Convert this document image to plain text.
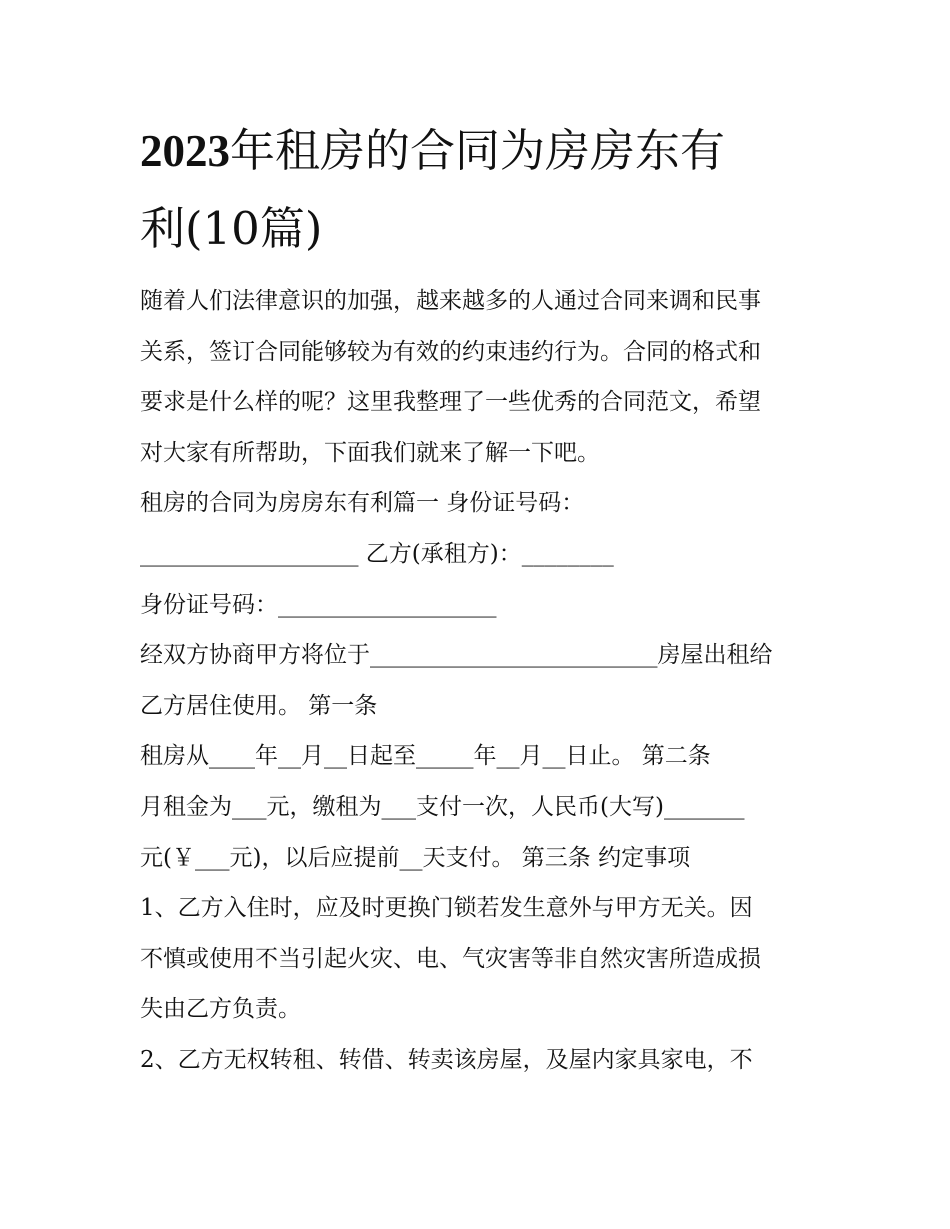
2023年租房的合同为房房东有
利(10篇)
随着人们法律意识的加强，越来越多的人通过合同来调和民事
关系，签订合同能够较为有效的约束违约行为。合同的格式和
要求是什么样的呢？这里我整理了一些优秀的合同范文，希望
对大家有所帮助，下面我们就来了解一下吧。
租房的合同为房房东有利篇一 身份证号码：
___________________ 乙方(承租方)：________
身份证号码：___________________
经双方协商甲方将位于_________________________房屋出租给
乙方居住使用。 第一条
租房从____年__月__日起至_____年__月__日止。 第二条
月租金为___元，缴租为___支付一次，人民币(大写)_______
元(￥___元)，以后应提前__天支付。 第三条 约定事项
1、乙方入住时，应及时更换门锁若发生意外与甲方无关。因
不慎或使用不当引起火灾、电、气灾害等非自然灾害所造成损
失由乙方负责。
2、乙方无权转租、转借、转卖该房屋，及屋内家具家电，不
